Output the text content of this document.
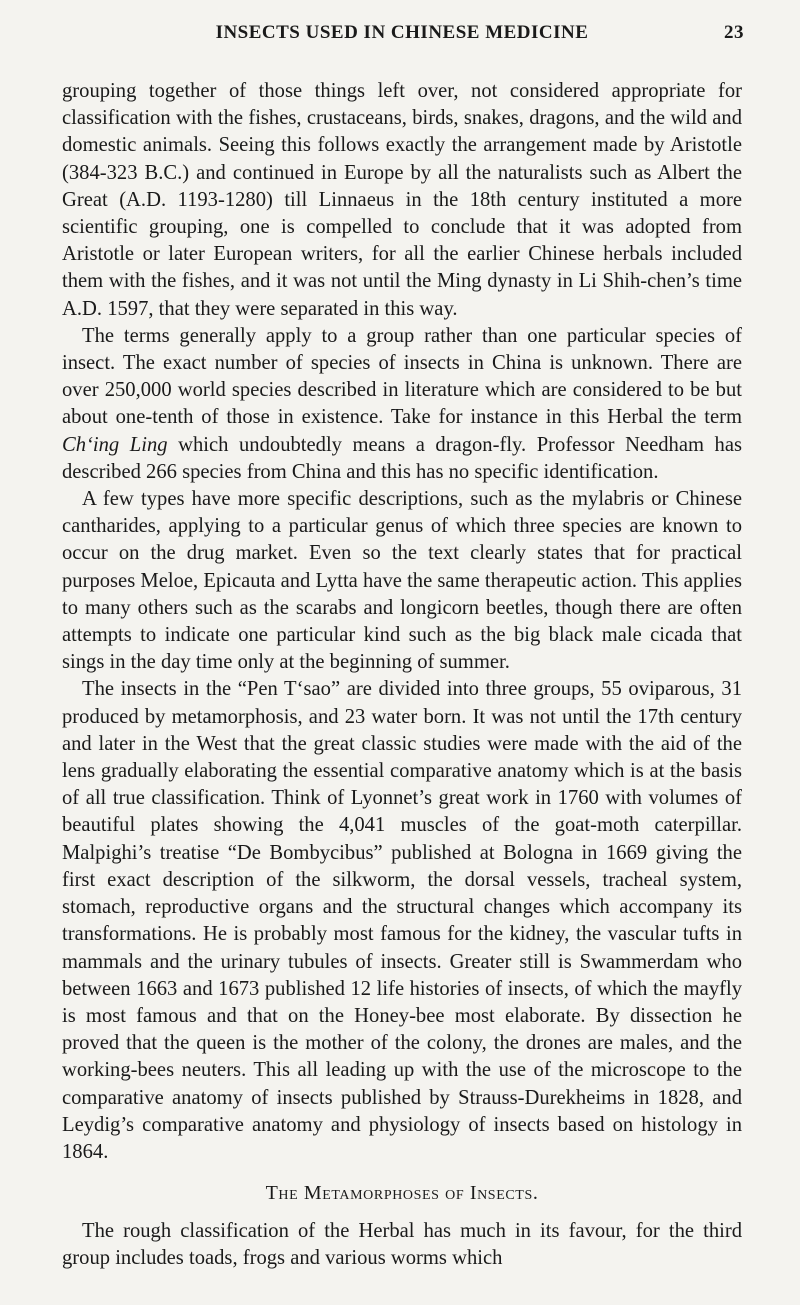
INSECTS USED IN CHINESE MEDICINE	23

grouping together of those things left over, not considered appropriate for classification with the fishes, crustaceans, birds, snakes, dragons, and the wild and domestic animals. Seeing this follows exactly the arrangement made by Aristotle (384-323 B.C.) and continued in Europe by all the naturalists such as Albert the Great (A.D. 1193-1280) till Linnaeus in the 18th century instituted a more scientific grouping, one is compelled to conclude that it was adopted from Aristotle or later European writers, for all the earlier Chinese herbals included them with the fishes, and it was not until the Ming dynasty in Li Shih-chen’s time A.D. 1597, that they were separated in this way.

The terms generally apply to a group rather than one particular species of insect. The exact number of species of insects in China is unknown. There are over 250,000 world species described in literature which are considered to be but about one-tenth of those in existence. Take for instance in this Herbal the term Ch‘ing Ling which undoubtedly means a dragon-fly. Professor Needham has described 266 species from China and this has no specific identification.

A few types have more specific descriptions, such as the mylabris or Chinese cantharides, applying to a particular genus of which three species are known to occur on the drug market. Even so the text clearly states that for practical purposes Meloe, Epicauta and Lytta have the same therapeutic action. This applies to many others such as the scarabs and longicorn beetles, though there are often attempts to indicate one particular kind such as the big black male cicada that sings in the day time only at the beginning of summer.

The insects in the “Pen T‘sao” are divided into three groups, 55 oviparous, 31 produced by metamorphosis, and 23 water born. It was not until the 17th century and later in the West that the great classic studies were made with the aid of the lens gradually elaborating the essential comparative anatomy which is at the basis of all true classification. Think of Lyonnet’s great work in 1760 with volumes of beautiful plates showing the 4,041 muscles of the goat-moth caterpillar. Malpighi’s treatise “De Bombycibus” published at Bologna in 1669 giving the first exact description of the silkworm, the dorsal vessels, tracheal system, stomach, reproductive organs and the structural changes which accompany its transformations. He is probably most famous for the kidney, the vascular tufts in mammals and the urinary tubules of insects. Greater still is Swammerdam who between 1663 and 1673 published 12 life histories of insects, of which the mayfly is most famous and that on the Honey-bee most elaborate. By dissection he proved that the queen is the mother of the colony, the drones are males, and the working-bees neuters. This all leading up with the use of the microscope to the comparative anatomy of insects published by Strauss-Durekheims in 1828, and Leydig’s comparative anatomy and physiology of insects based on histology in 1864.

The Metamorphoses of Insects.

The rough classification of the Herbal has much in its favour, for the third group includes toads, frogs and various worms which
